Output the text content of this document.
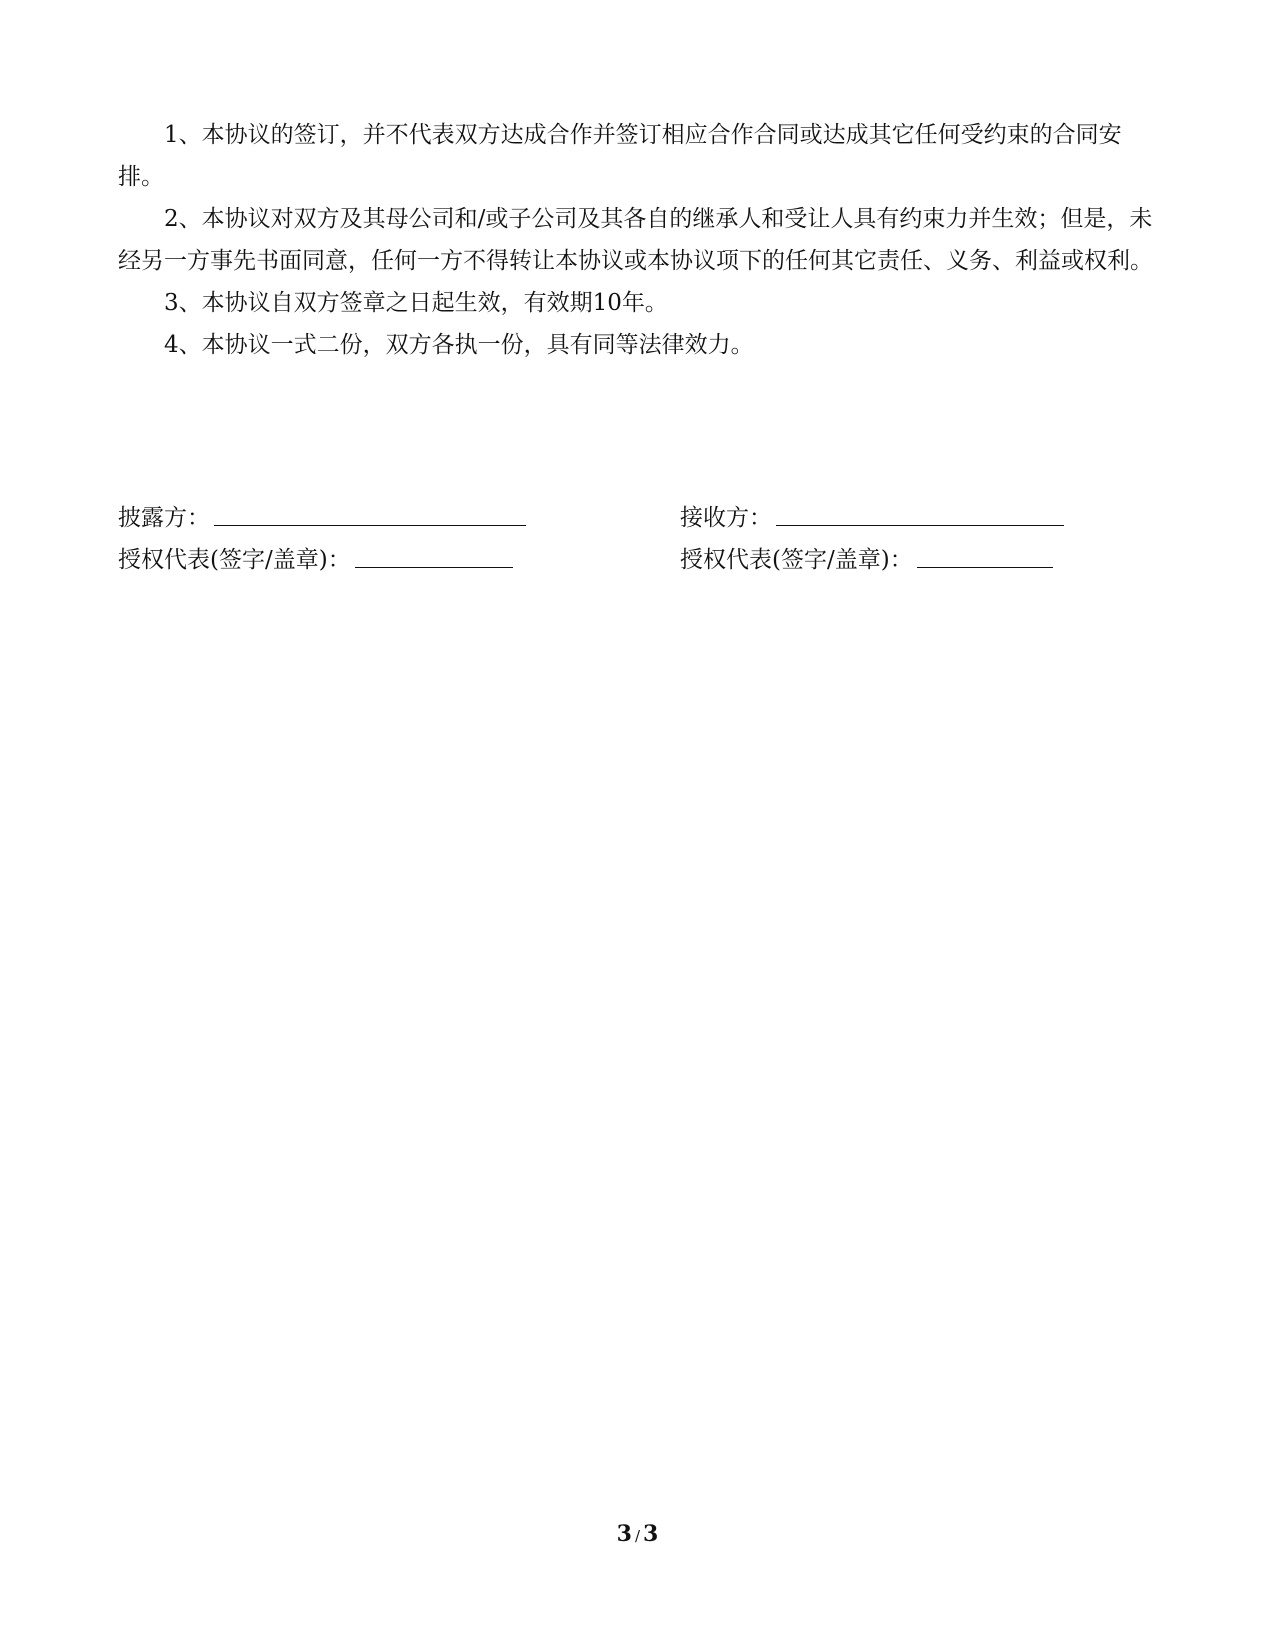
1、本协议的签订，并不代表双方达成合作并签订相应合作合同或达成其它任何受约束的合同安排。

2、本协议对双方及其母公司和/或子公司及其各自的继承人和受让人具有约束力并生效；但是，未经另一方事先书面同意，任何一方不得转让本协议或本协议项下的任何其它责任、义务、利益或权利。

3、本协议自双方签章之日起生效，有效期10年。

4、本协议一式二份，双方各执一份，具有同等法律效力。

披露方：	接收方：
授权代表(签字/盖章)：	授权代表(签字/盖章)：
3 / 3
